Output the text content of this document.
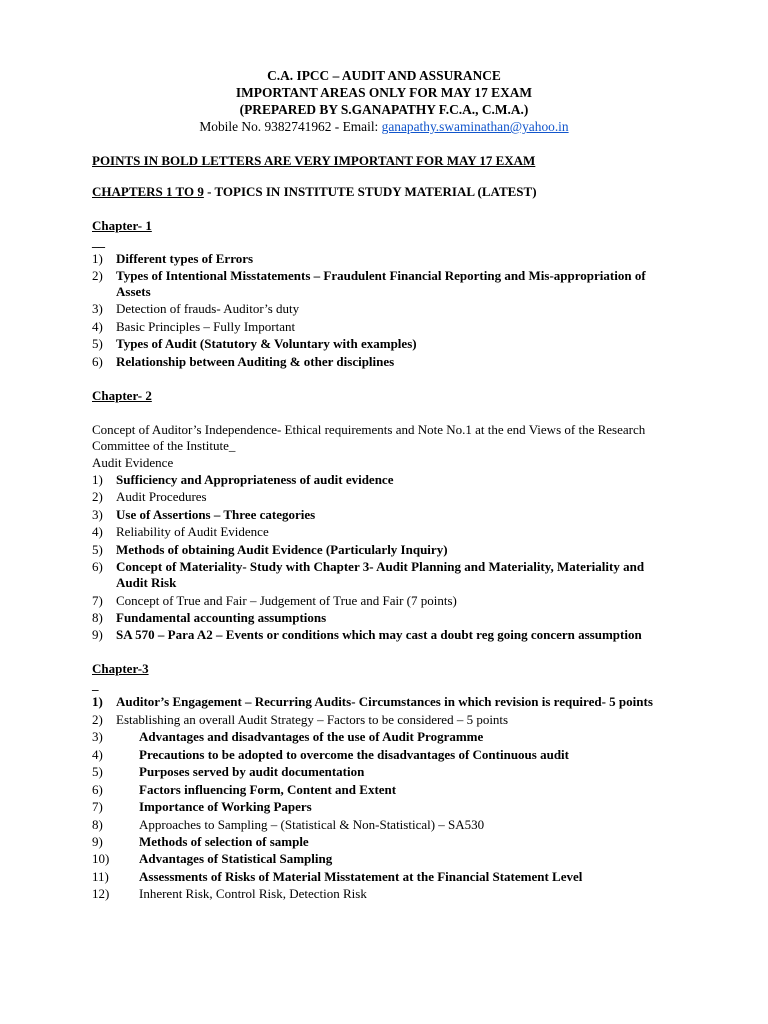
C.A. IPCC – AUDIT AND ASSURANCE
IMPORTANT AREAS ONLY FOR MAY 17 EXAM
(PREPARED BY S.GANAPATHY F.C.A., C.M.A.)
Mobile No. 9382741962 - Email: ganapathy.swaminathan@yahoo.in
POINTS IN BOLD LETTERS ARE VERY IMPORTANT FOR MAY 17 EXAM
CHAPTERS 1 TO 9 - TOPICS IN INSTITUTE STUDY MATERIAL (LATEST)
Chapter- 1
__
1) Different types of Errors
2) Types of Intentional Misstatements – Fraudulent Financial Reporting and Mis-appropriation of
Assets
3) Detection of frauds- Auditor’s duty
4) Basic Principles – Fully Important
5) Types of Audit (Statutory & Voluntary with examples)
6) Relationship between Auditing & other disciplines
Chapter- 2
Concept of Auditor’s Independence- Ethical requirements and Note No.1 at the end Views of the Research
Committee of the Institute_
Audit Evidence
1) Sufficiency and Appropriateness of audit evidence
2) Audit Procedures
3) Use of Assertions – Three categories
4) Reliability of Audit Evidence
5) Methods of obtaining Audit Evidence (Particularly Inquiry)
6) Concept of Materiality- Study with Chapter 3- Audit Planning and Materiality, Materiality and
Audit Risk
7) Concept of True and Fair – Judgement of True and Fair (7 points)
8) Fundamental accounting assumptions
9) SA 570 – Para A2 – Events or conditions which may cast a doubt reg going concern assumption
Chapter-3
_
1) Auditor’s Engagement – Recurring Audits- Circumstances in which revision is required- 5 points
2) Establishing an overall Audit Strategy – Factors to be considered – 5 points
3)	Advantages and disadvantages of the use of Audit Programme
4)	Precautions to be adopted to overcome the disadvantages of Continuous audit
5)	Purposes served by audit documentation
6)	Factors influencing Form, Content and Extent
7)	Importance of Working Papers
8)	Approaches to Sampling – (Statistical & Non-Statistical) – SA530
9)	Methods of selection of sample
10) Advantages of Statistical Sampling
11) Assessments of Risks of Material Misstatement at the Financial Statement Level
12) Inherent Risk, Control Risk, Detection Risk
